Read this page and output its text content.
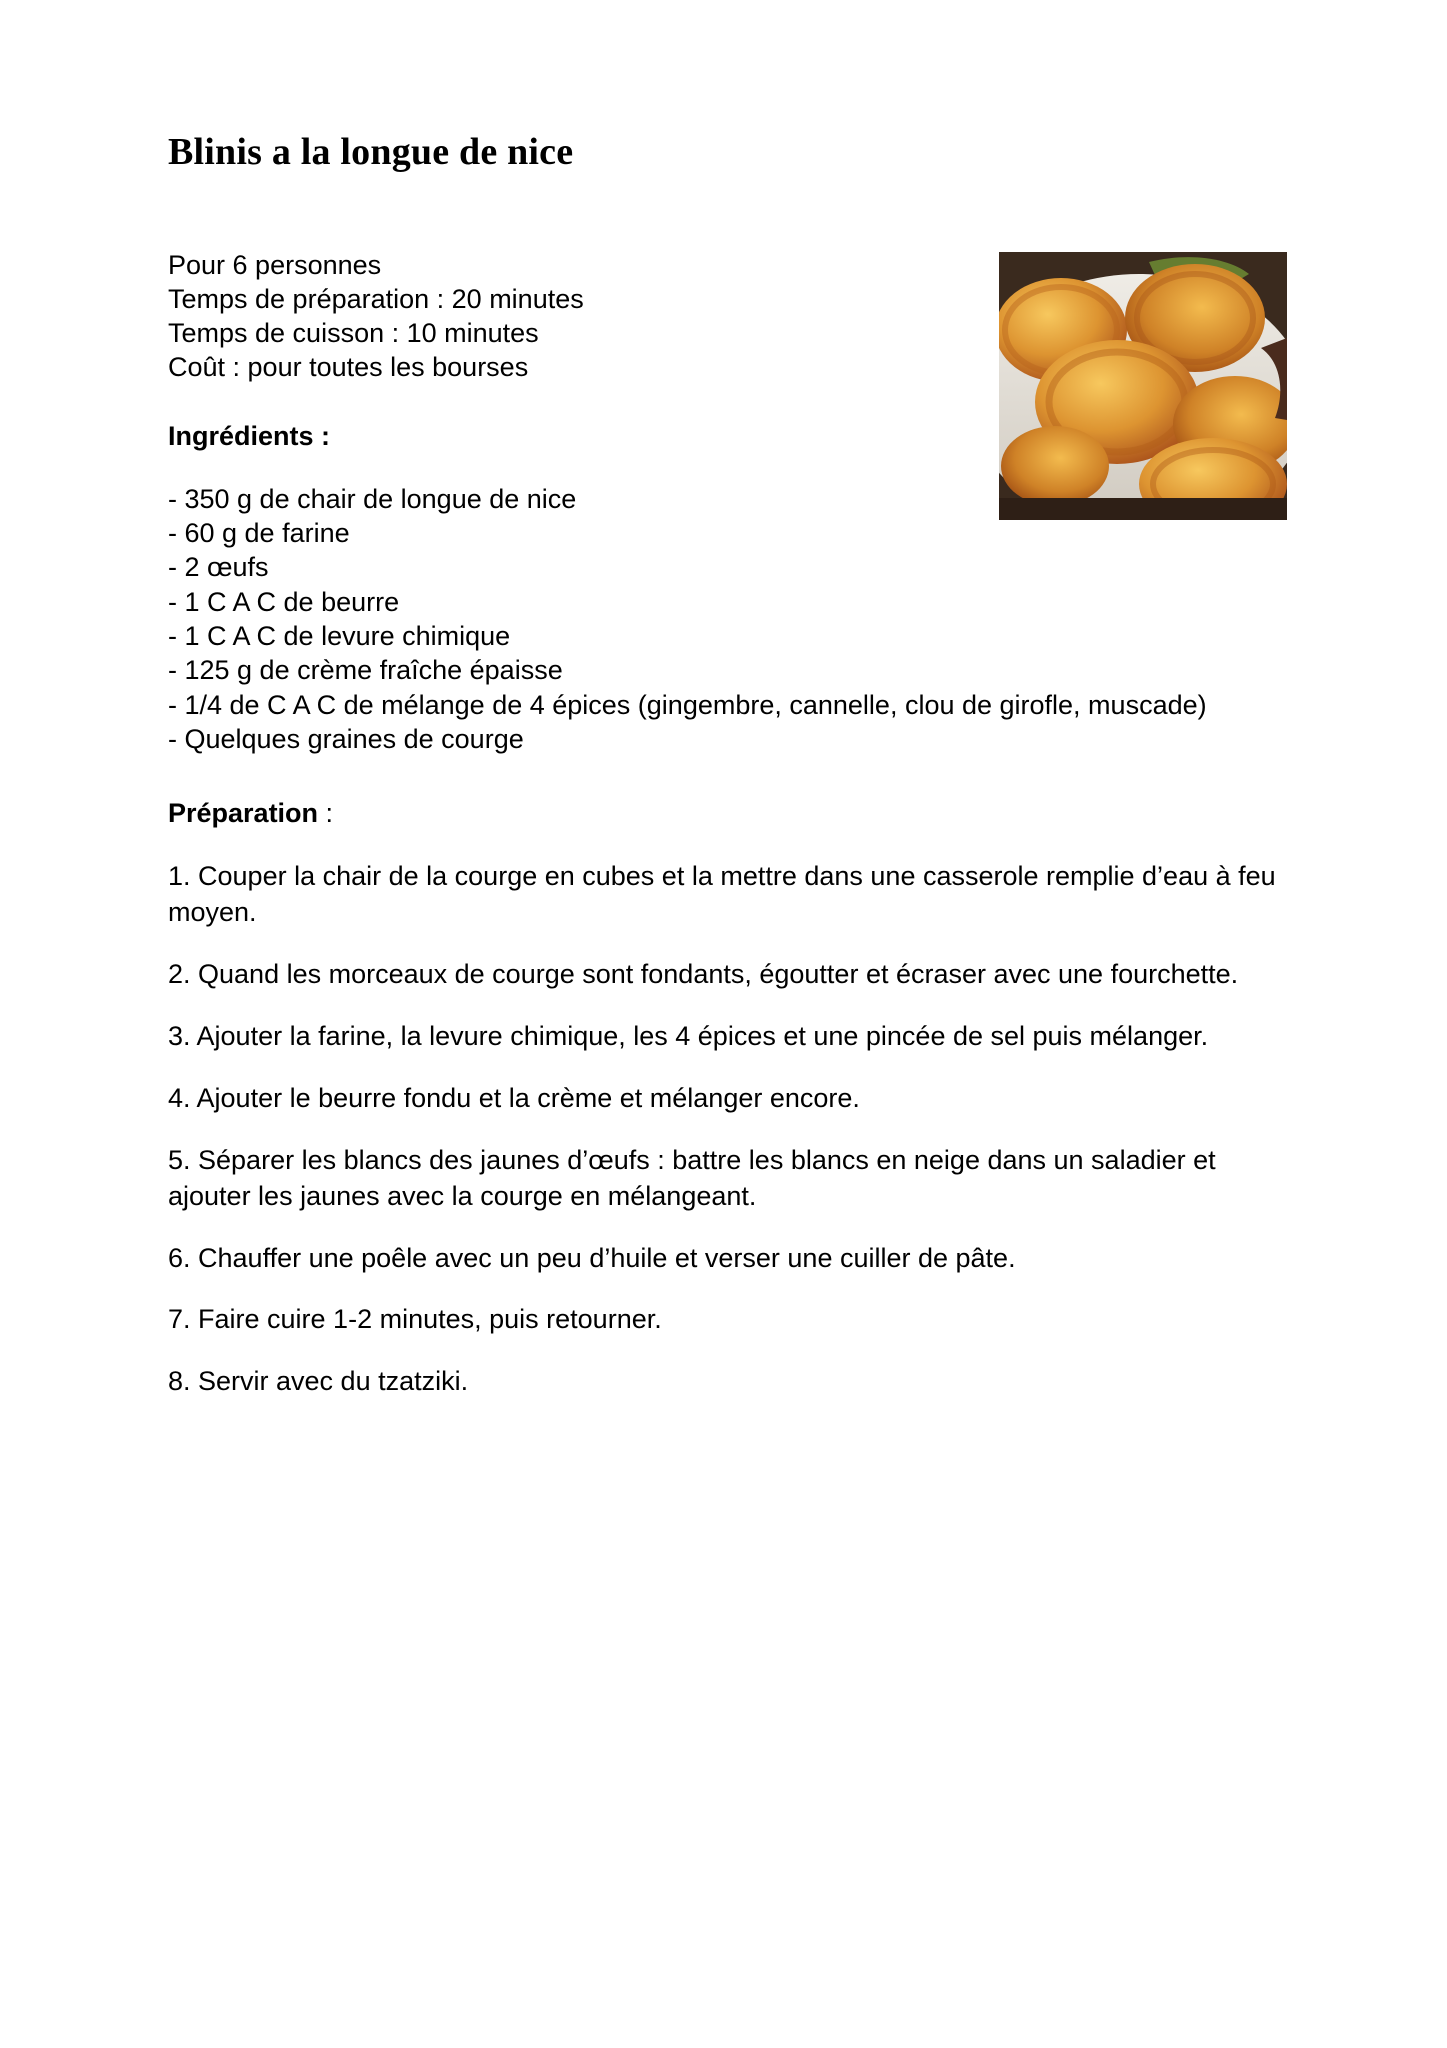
Blinis a la longue de nice
Pour 6 personnes
Temps de préparation : 20 minutes
Temps de cuisson : 10 minutes
Coût : pour toutes les bourses
Ingrédients :
- 350 g de chair de longue de nice
- 60 g de farine
- 2 œufs
- 1 C A C de beurre
- 1 C A C de levure chimique
- 125 g de crème fraîche épaisse
- 1/4 de C A C de mélange de 4 épices (gingembre, cannelle, clou de girofle, muscade)
- Quelques graines de courge
Préparation :

1. Couper la chair de la courge en cubes et la mettre dans une casserole remplie d’eau à feu moyen.

2. Quand les morceaux de courge sont fondants, égoutter et écraser avec une fourchette.

3. Ajouter la farine, la levure chimique, les 4 épices et une pincée de sel puis mélanger.

4. Ajouter le beurre fondu et la crème et mélanger encore.

5. Séparer les blancs des jaunes d’œufs : battre les blancs en neige dans un saladier et ajouter les jaunes avec la courge en mélangeant.

6. Chauffer une poêle avec un peu d’huile et verser une cuiller de pâte.

7. Faire cuire 1-2 minutes, puis retourner.

8. Servir avec du tzatziki.
